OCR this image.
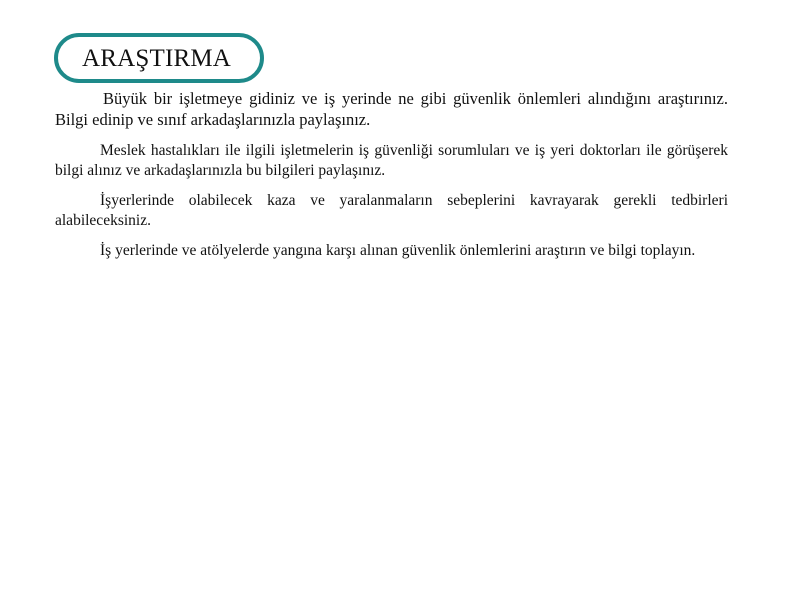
ARAŞTIRMA

Büyük bir işletmeye gidiniz ve iş yerinde ne gibi güvenlik önlemleri alındığını araştırınız. Bilgi edinip ve sınıf arkadaşlarınızla paylaşınız.

Meslek hastalıkları ile ilgili işletmelerin iş güvenliği sorumluları ve iş yeri doktorları ile görüşerek bilgi alınız ve arkadaşlarınızla bu bilgileri paylaşınız.

İşyerlerinde olabilecek kaza ve yaralanmaların sebeplerini kavrayarak gerekli tedbirleri alabileceksiniz.

İş yerlerinde ve atölyelerde yangına karşı alınan güvenlik önlemlerini araştırın ve bilgi toplayın.
